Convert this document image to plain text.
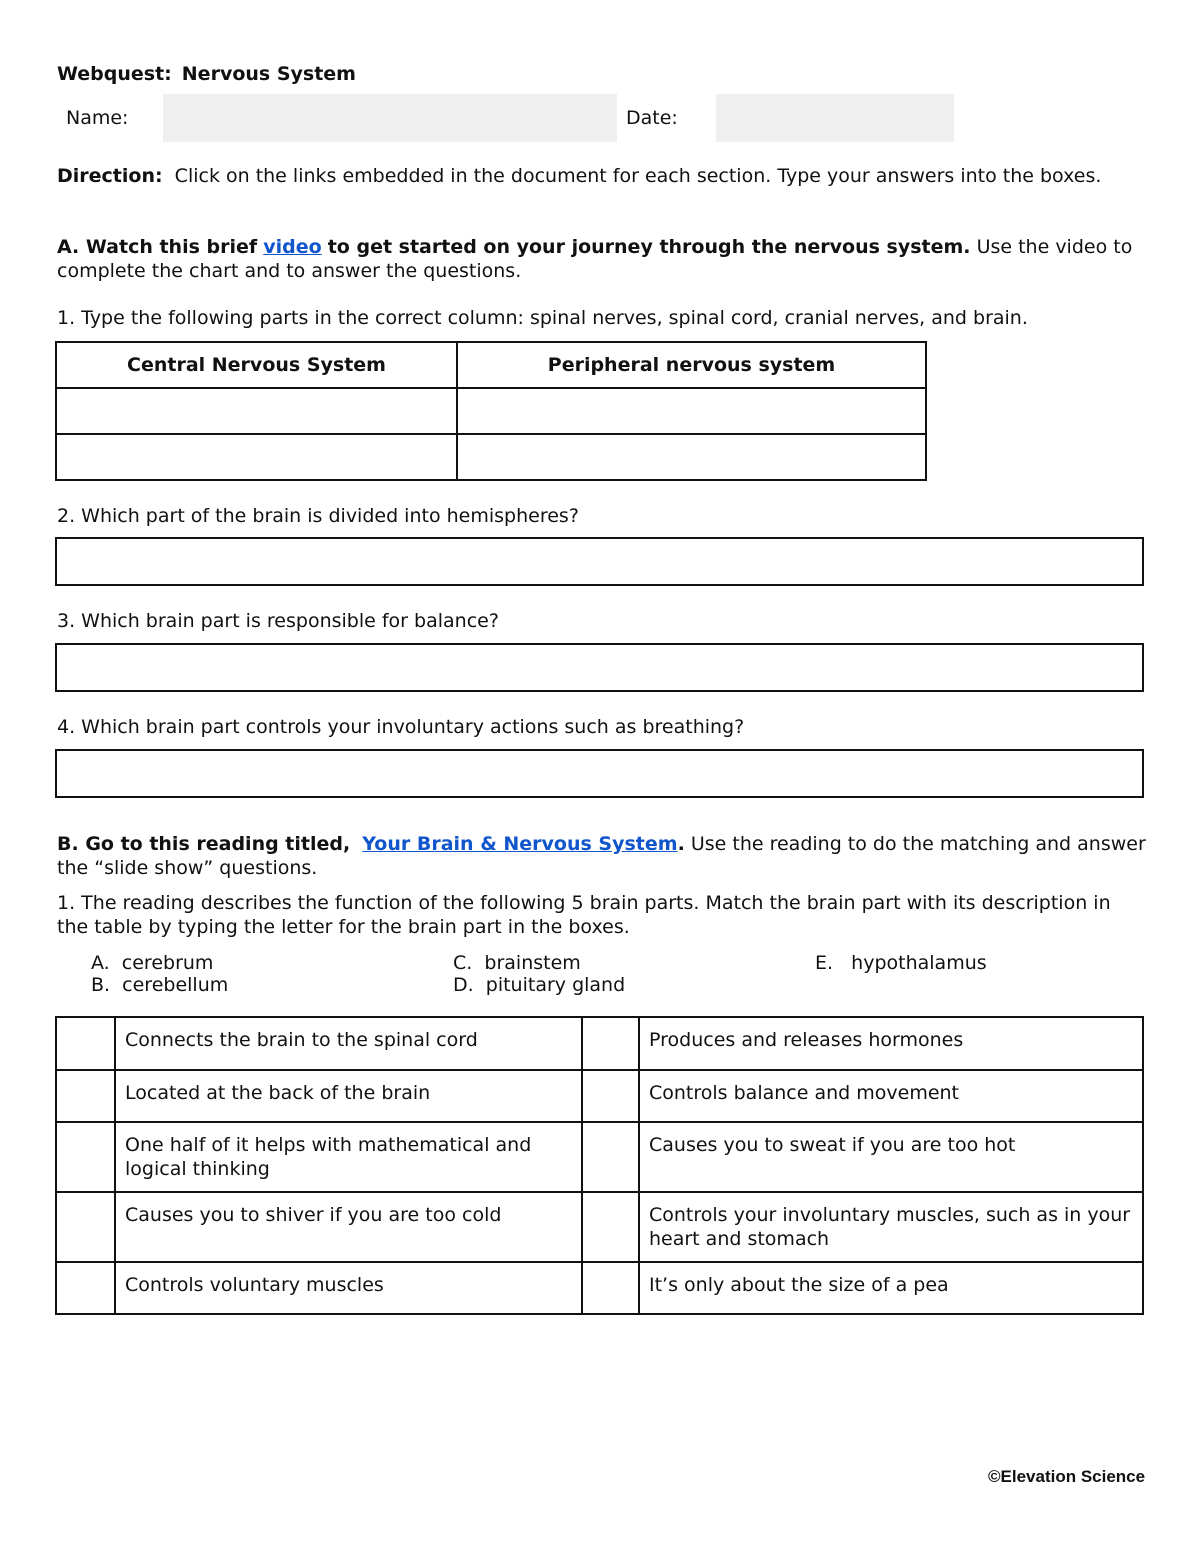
Webquest: Nervous System
Name:	Date:
Direction: Click on the links embedded in the document for each section. Type your answers into the boxes.
A. Watch this brief video to get started on your journey through the nervous system. Use the video to complete the chart and to answer the questions.
1. Type the following parts in the correct column: spinal nerves, spinal cord, cranial nerves, and brain.
Central Nervous System	Peripheral nervous system

2. Which part of the brain is divided into hemispheres?
3. Which brain part is responsible for balance?
4. Which brain part controls your involuntary actions such as breathing?
B. Go to this reading titled, Your Brain & Nervous System. Use the reading to do the matching and answer the “slide show” questions.
1. The reading describes the function of the following 5 brain parts. Match the brain part with its description in the table by typing the letter for the brain part in the boxes.
A. cerebrum
B. cerebellum
C. brainstem
D. pituitary gland
E. hypothalamus
	Connects the brain to the spinal cord		Produces and releases hormones
	Located at the back of the brain		Controls balance and movement
	One half of it helps with mathematical and logical thinking		Causes you to sweat if you are too hot
	Causes you to shiver if you are too cold		Controls your involuntary muscles, such as in your heart and stomach
	Controls voluntary muscles		It’s only about the size of a pea
©Elevation Science
